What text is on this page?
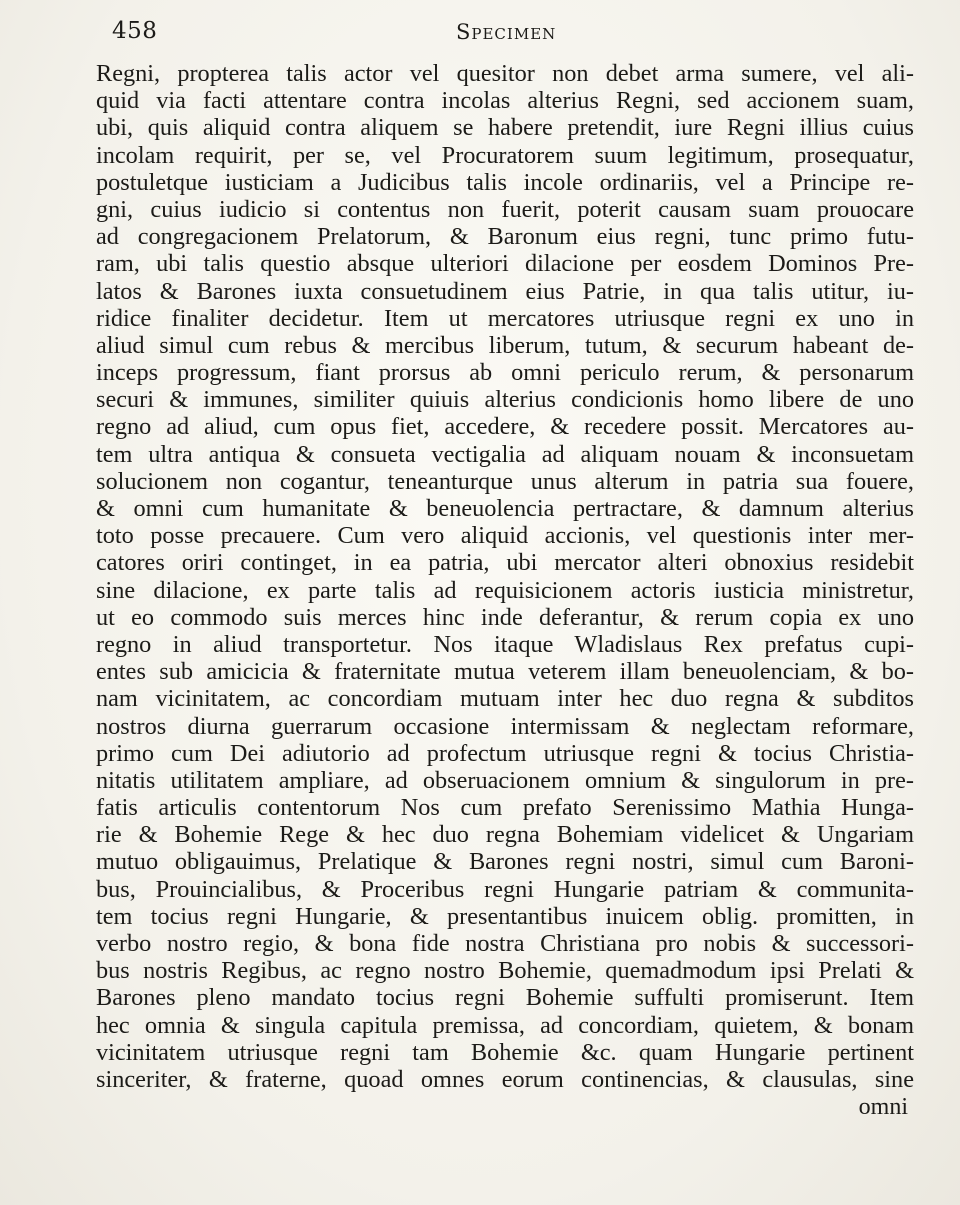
458	Specimen
Regni, propterea talis actor vel quesitor non debet arma sumere, vel ali-
quid via facti attentare contra incolas alterius Regni, sed accionem suam,
ubi, quis aliquid contra aliquem se habere pretendit, iure Regni illius cuius
incolam requirit, per se, vel Procuratorem suum legitimum, prosequatur,
postuletque iusticiam a Judicibus talis incole ordinariis, vel a Principe re-
gni, cuius iudicio si contentus non fuerit, poterit causam suam prouocare
ad congregacionem Prelatorum, & Baronum eius regni, tunc primo futu-
ram, ubi talis questio absque ulteriori dilacione per eosdem Dominos Pre-
latos & Barones iuxta consuetudinem eius Patrie, in qua talis utitur, iu-
ridice finaliter decidetur. Item ut mercatores utriusque regni ex uno in
aliud simul cum rebus & mercibus liberum, tutum, & securum habeant de-
inceps progressum, fiant prorsus ab omni periculo rerum, & personarum
securi & immunes, similiter quiuis alterius condicionis homo libere de uno
regno ad aliud, cum opus fiet, accedere, & recedere possit. Mercatores au-
tem ultra antiqua & consueta vectigalia ad aliquam nouam & inconsuetam
solucionem non cogantur, teneanturque unus alterum in patria sua fouere,
& omni cum humanitate & beneuolencia pertractare, & damnum alterius
toto posse precauere. Cum vero aliquid accionis, vel questionis inter mer-
catores oriri continget, in ea patria, ubi mercator alteri obnoxius residebit
sine dilacione, ex parte talis ad requisicionem actoris iusticia ministretur,
ut eo commodo suis merces hinc inde deferantur, & rerum copia ex uno
regno in aliud transportetur. Nos itaque Wladislaus Rex prefatus cupi-
entes sub amicicia & fraternitate mutua veterem illam beneuolenciam, & bo-
nam vicinitatem, ac concordiam mutuam inter hec duo regna & subditos
nostros diurna guerrarum occasione intermissam & neglectam reformare,
primo cum Dei adiutorio ad profectum utriusque regni & tocius Christia-
nitatis utilitatem ampliare, ad obseruacionem omnium & singulorum in pre-
fatis articulis contentorum Nos cum prefato Serenissimo Mathia Hunga-
rie & Bohemie Rege & hec duo regna Bohemiam videlicet & Ungariam
mutuo obligauimus, Prelatique & Barones regni nostri, simul cum Baroni-
bus, Prouincialibus, & Proceribus regni Hungarie patriam & communita-
tem tocius regni Hungarie, & presentantibus inuicem oblig. promitten, in
verbo nostro regio, & bona fide nostra Christiana pro nobis & successori-
bus nostris Regibus, ac regno nostro Bohemie, quemadmodum ipsi Prelati &
Barones pleno mandato tocius regni Bohemie suffulti promiserunt. Item
hec omnia & singula capitula premissa, ad concordiam, quietem, & bonam
vicinitatem utriusque regni tam Bohemie &c. quam Hungarie pertinent
sinceriter, & fraterne, quoad omnes eorum continencias, & clausulas, sine
omni
